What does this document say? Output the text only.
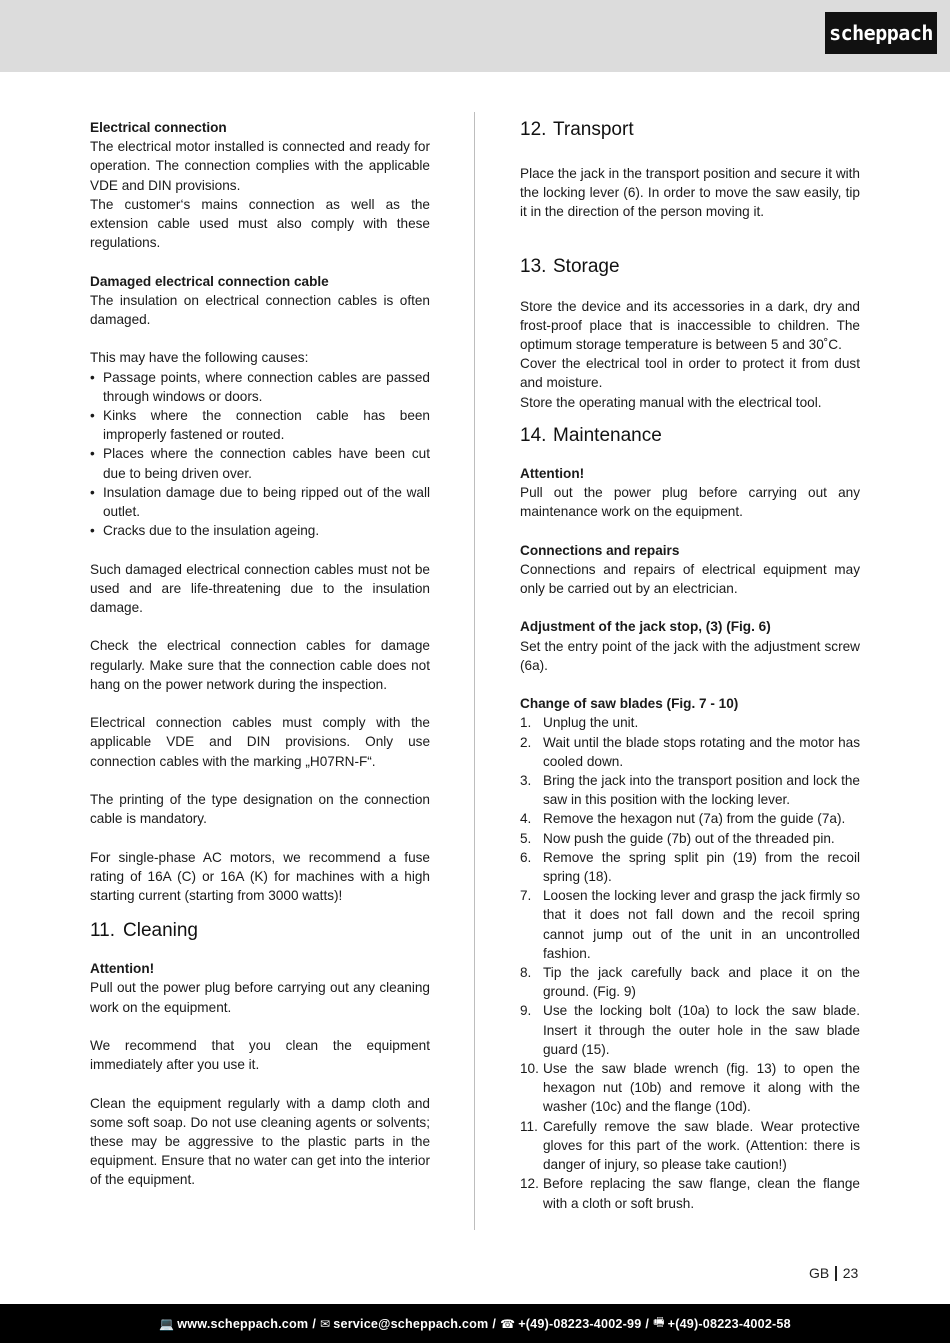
scheppach

Electrical connection

The electrical motor installed is connected and ready for operation. The connection complies with the applicable VDE and DIN provisions.

The customer‘s mains connection as well as the extension cable used must also comply with these regulations.

Damaged electrical connection cable

The insulation on electrical connection cables is often damaged.

This may have the following causes:

• Passage points, where connection cables are passed through windows or doors.
• Kinks where the connection cable has been improperly fastened or routed.
• Places where the connection cables have been cut due to being driven over.
• Insulation damage due to being ripped out of the wall outlet.
• Cracks due to the insulation ageing.

Such damaged electrical connection cables must not be used and are life-threatening due to the insulation damage.

Check the electrical connection cables for damage regularly. Make sure that the connection cable does not hang on the power network during the inspection.

Electrical connection cables must comply with the applicable VDE and DIN provisions. Only use connection cables with the marking „H07RN-F“.

The printing of the type designation on the connection cable is mandatory.

For single-phase AC motors, we recommend a fuse rating of 16A (C) or 16A (K) for machines with a high starting current (starting from 3000 watts)!

11. Cleaning

Attention!

Pull out the power plug before carrying out any cleaning work on the equipment.

We recommend that you clean the equipment immediately after you use it.

Clean the equipment regularly with a damp cloth and some soft soap. Do not use cleaning agents or solvents; these may be aggressive to the plastic parts in the equipment. Ensure that no water can get into the interior of the equipment.

12. Transport

Place the jack in the transport position and secure it with the locking lever (6). In order to move the saw easily, tip it in the direction of the person moving it.

13. Storage

Store the device and its accessories in a dark, dry and frost-proof place that is inaccessible to children. The optimum storage temperature is between 5 and 30˚C.

Cover the electrical tool in order to protect it from dust and moisture.

Store the operating manual with the electrical tool.

14. Maintenance

Attention!

Pull out the power plug before carrying out any maintenance work on the equipment.

Connections and repairs

Connections and repairs of electrical equipment may only be carried out by an electrician.

Adjustment of the jack stop, (3) (Fig. 6)

Set the entry point of the jack with the adjustment screw (6a).

Change of saw blades (Fig. 7 - 10)

1. Unplug the unit.
2. Wait until the blade stops rotating and the motor has cooled down.
3. Bring the jack into the transport position and lock the saw in this position with the locking lever.
4. Remove the hexagon nut (7a) from the guide (7a).
5. Now push the guide (7b) out of the threaded pin.
6. Remove the spring split pin (19) from the recoil spring (18).
7. Loosen the locking lever and grasp the jack firmly so that it does not fall down and the recoil spring cannot jump out of the unit in an uncontrolled fashion.
8. Tip the jack carefully back and place it on the ground. (Fig. 9)
9. Use the locking bolt (10a) to lock the saw blade. Insert it through the outer hole in the saw blade guard (15).
10. Use the saw blade wrench (fig. 13) to open the hexagon nut (10b) and remove it along with the washer (10c) and the flange (10d).
11. Carefully remove the saw blade. Wear protective gloves for this part of the work. (Attention: there is danger of injury, so please take caution!)
12. Before replacing the saw flange, clean the flange with a cloth or soft brush.
GB 23
💻 www.scheppach.com / ✉ service@scheppach.com / ☎ +(49)-08223-4002-99 / 🖷 +(49)-08223-4002-58
